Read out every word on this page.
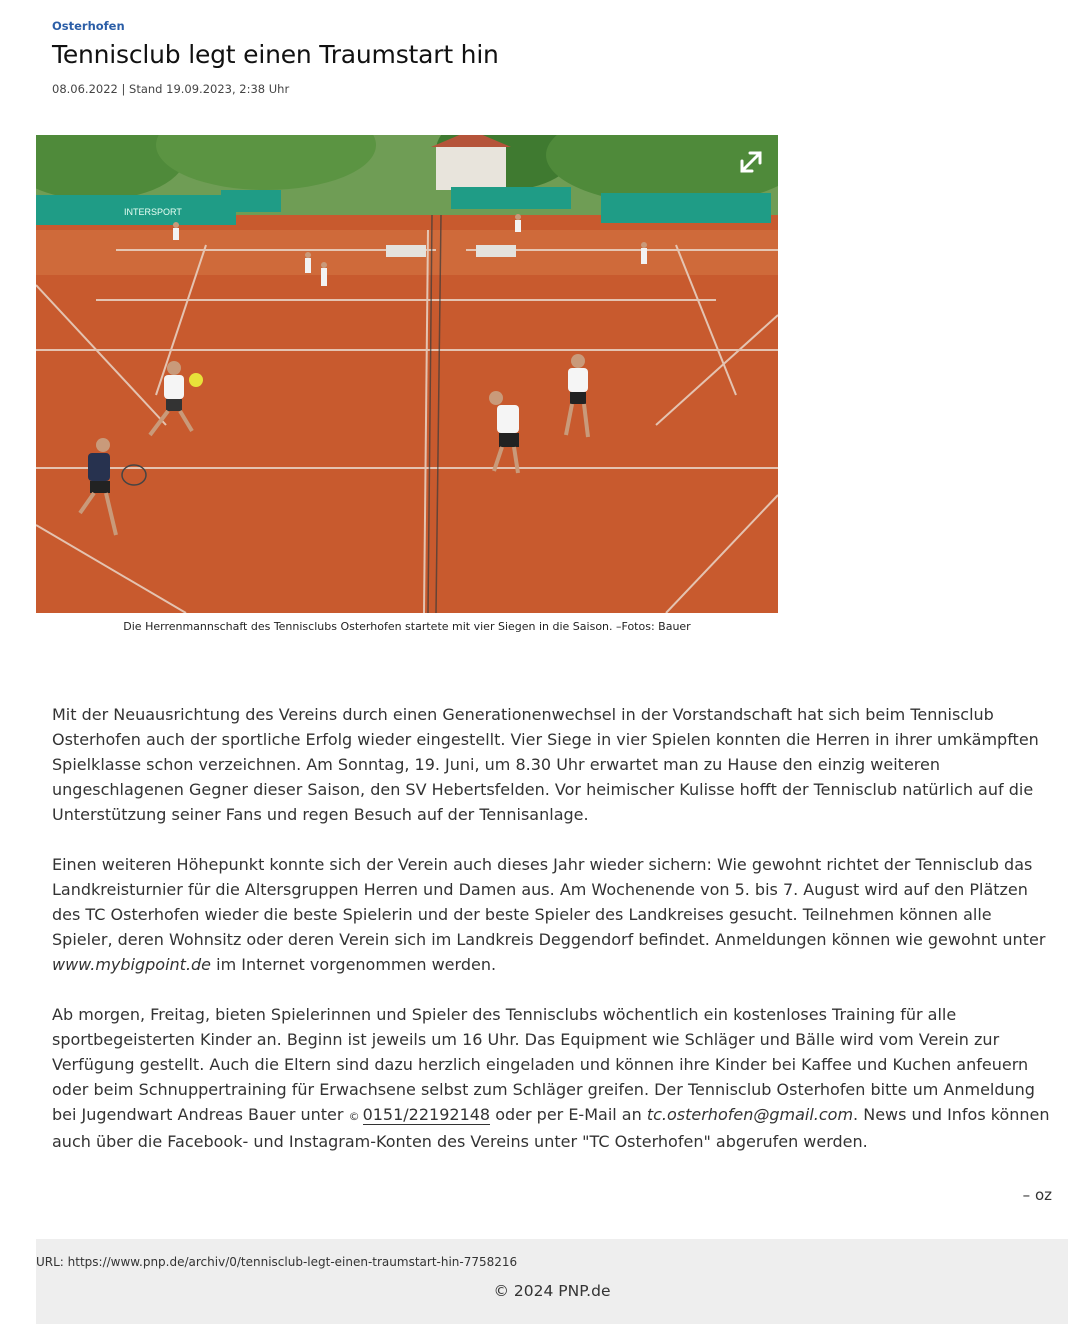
Osterhofen
Tennisclub legt einen Traumstart hin
08.06.2022 | Stand 19.09.2023, 2:38 Uhr
INTERSPORT
Die Herrenmannschaft des Tennisclubs Osterhofen startete mit vier Siegen in die Saison. –Fotos: Bauer

Mit der Neuausrichtung des Vereins durch einen Generationenwechsel in der Vorstandschaft hat sich beim Tennisclub Osterhofen auch der sportliche Erfolg wieder eingestellt. Vier Siege in vier Spielen konnten die Herren in ihrer umkämpften Spielklasse schon verzeichnen. Am Sonntag, 19. Juni, um 8.30 Uhr erwartet man zu Hause den einzig weiteren ungeschlagenen Gegner dieser Saison, den SV Hebertsfelden. Vor heimischer Kulisse hofft der Tennisclub natürlich auf die Unterstützung seiner Fans und regen Besuch auf der Tennisanlage.

Einen weiteren Höhepunkt konnte sich der Verein auch dieses Jahr wieder sichern: Wie gewohnt richtet der Tennisclub das Landkreisturnier für die Altersgruppen Herren und Damen aus. Am Wochenende von 5. bis 7. August wird auf den Plätzen des TC Osterhofen wieder die beste Spielerin und der beste Spieler des Landkreises gesucht. Teilnehmen können alle Spieler, deren Wohnsitz oder deren Verein sich im Landkreis Deggendorf befindet. Anmeldungen können wie gewohnt unter www.mybigpoint.de im Internet vorgenommen werden.

Ab morgen, Freitag, bieten Spielerinnen und Spieler des Tennisclubs wöchentlich ein kostenloses Training für alle sportbegeisterten Kinder an. Beginn ist jeweils um 16 Uhr. Das Equipment wie Schläger und Bälle wird vom Verein zur Verfügung gestellt. Auch die Eltern sind dazu herzlich eingeladen und können ihre Kinder bei Kaffee und Kuchen anfeuern oder beim Schnuppertraining für Erwachsene selbst zum Schläger greifen. Der Tennisclub Osterhofen bitte um Anmeldung bei Jugendwart Andreas Bauer unter © 0151/22192148 oder per E-Mail an tc.osterhofen@gmail.com. News und Infos können auch über die Facebook- und Instagram-Konten des Vereins unter "TC Osterhofen" abgerufen werden.

– oz
URL: https://www.pnp.de/archiv/0/tennisclub-legt-einen-traumstart-hin-7758216
© 2024 PNP.de
